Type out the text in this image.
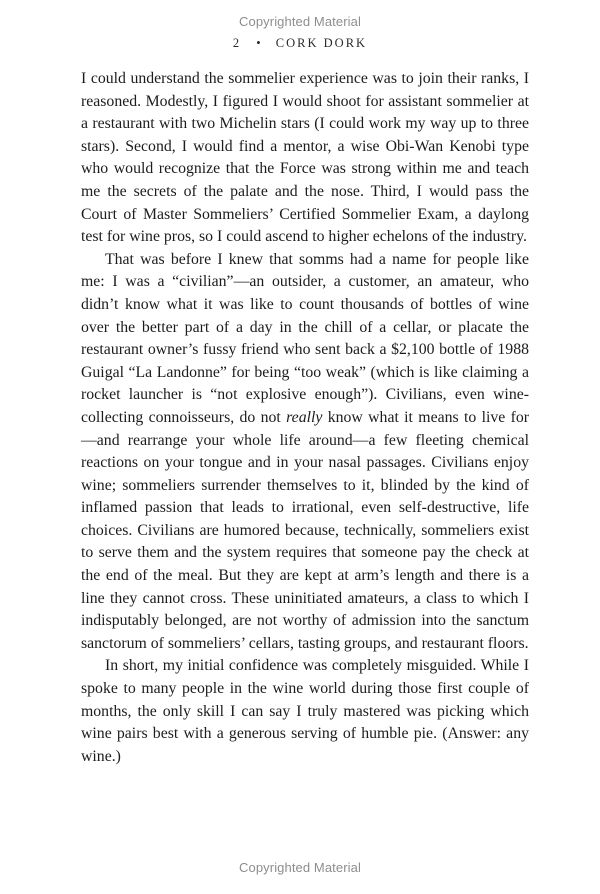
Copyrighted Material
2 • CORK DORK

I could understand the sommelier experience was to join their ranks, I reasoned. Modestly, I figured I would shoot for assistant sommelier at a restaurant with two Michelin stars (I could work my way up to three stars). Second, I would find a mentor, a wise Obi-Wan Kenobi type who would recognize that the Force was strong within me and teach me the secrets of the palate and the nose. Third, I would pass the Court of Master Sommeliers’ Certified Sommelier Exam, a daylong test for wine pros, so I could ascend to higher echelons of the industry.

That was before I knew that somms had a name for people like me: I was a “civilian”—an outsider, a customer, an amateur, who didn’t know what it was like to count thousands of bottles of wine over the better part of a day in the chill of a cellar, or placate the restaurant owner’s fussy friend who sent back a $2,100 bottle of 1988 Guigal “La Landonne” for being “too weak” (which is like claiming a rocket launcher is “not explosive enough”). Civilians, even wine-collecting connoisseurs, do not really know what it means to live for—and rearrange your whole life around—a few fleeting chemical reactions on your tongue and in your nasal passages. Civilians enjoy wine; sommeliers surrender themselves to it, blinded by the kind of inflamed passion that leads to irrational, even self-destructive, life choices. Civilians are humored because, technically, sommeliers exist to serve them and the system requires that someone pay the check at the end of the meal. But they are kept at arm’s length and there is a line they cannot cross. These uninitiated amateurs, a class to which I indisputably belonged, are not worthy of admission into the sanctum sanctorum of sommeliers’ cellars, tasting groups, and restaurant floors.

In short, my initial confidence was completely misguided. While I spoke to many people in the wine world during those first couple of months, the only skill I can say I truly mastered was picking which wine pairs best with a generous serving of humble pie. (Answer: any wine.)

Copyrighted Material
